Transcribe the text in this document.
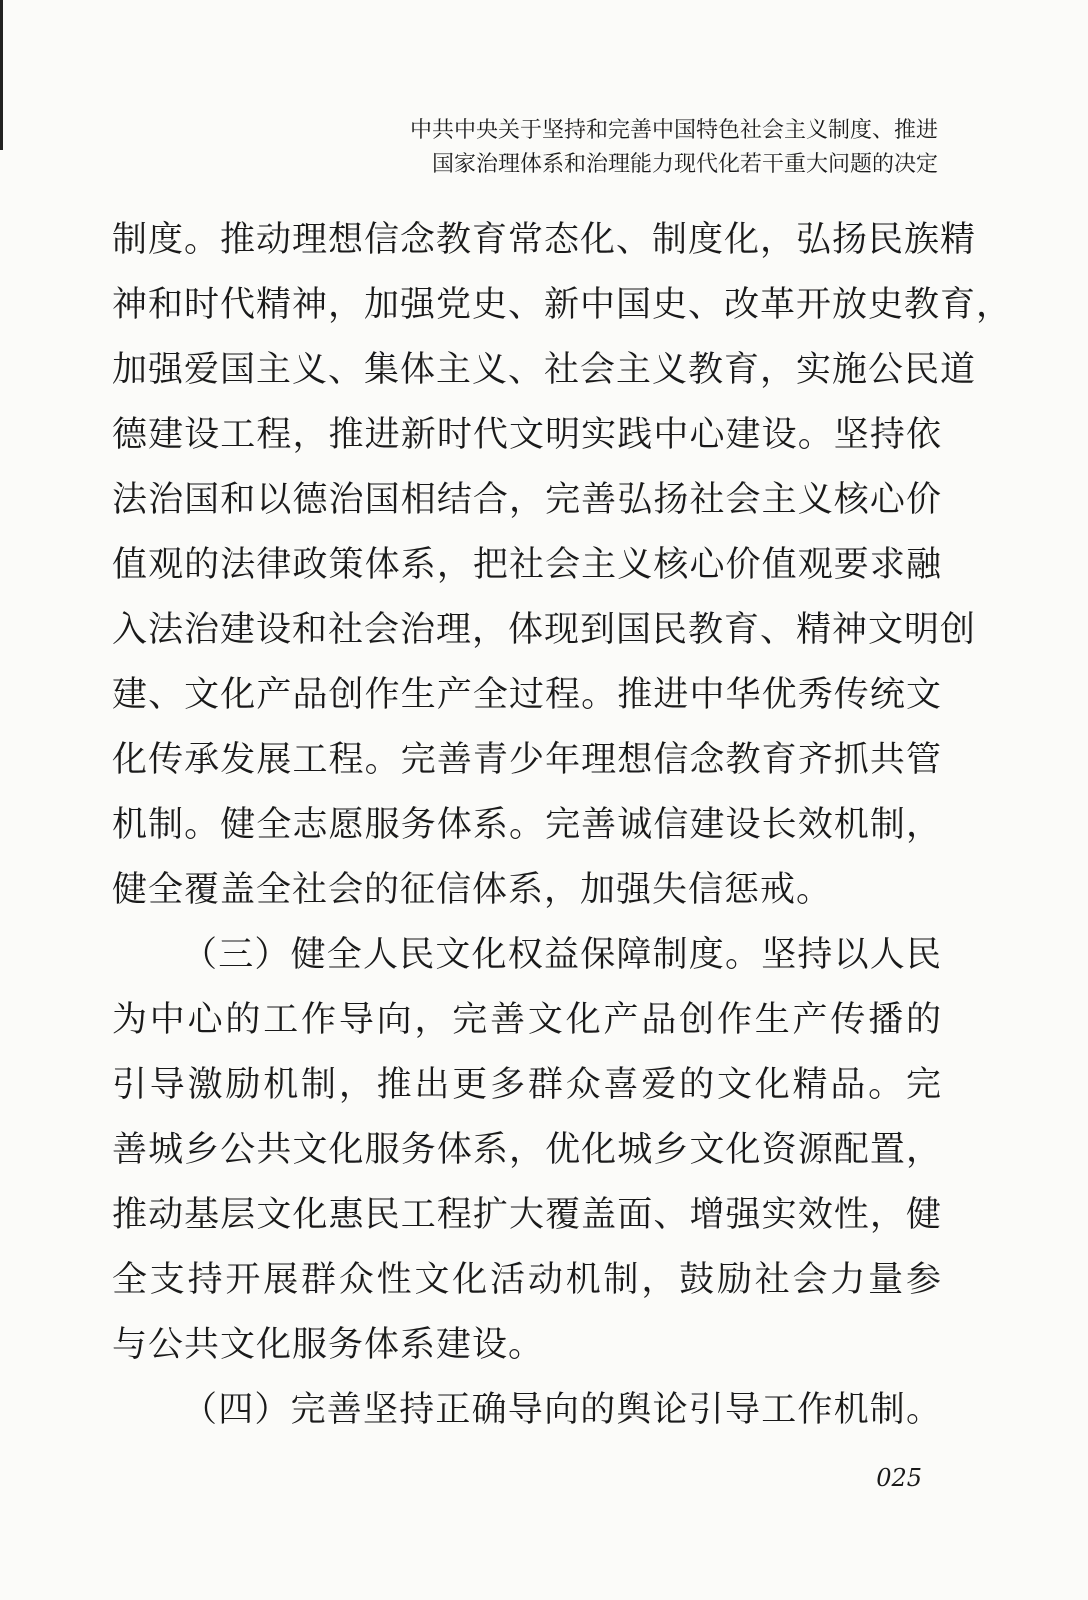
中共中央关于坚持和完善中国特色社会主义制度、推进
国家治理体系和治理能力现代化若干重大问题的决定
制度。推动理想信念教育常态化、制度化，弘扬民族精
神和时代精神，加强党史、新中国史、改革开放史教育，
加强爱国主义、集体主义、社会主义教育，实施公民道
德建设工程，推进新时代文明实践中心建设。坚持依
法治国和以德治国相结合，完善弘扬社会主义核心价
值观的法律政策体系，把社会主义核心价值观要求融
入法治建设和社会治理，体现到国民教育、精神文明创
建、文化产品创作生产全过程。推进中华优秀传统文
化传承发展工程。完善青少年理想信念教育齐抓共管
机制。健全志愿服务体系。完善诚信建设长效机制，
健全覆盖全社会的征信体系，加强失信惩戒。
（三）健全人民文化权益保障制度。坚持以人民
为中心的工作导向，完善文化产品创作生产传播的
引导激励机制，推出更多群众喜爱的文化精品。完
善城乡公共文化服务体系，优化城乡文化资源配置，
推动基层文化惠民工程扩大覆盖面、增强实效性，健
全支持开展群众性文化活动机制，鼓励社会力量参
与公共文化服务体系建设。
（四）完善坚持正确导向的舆论引导工作机制。
025
